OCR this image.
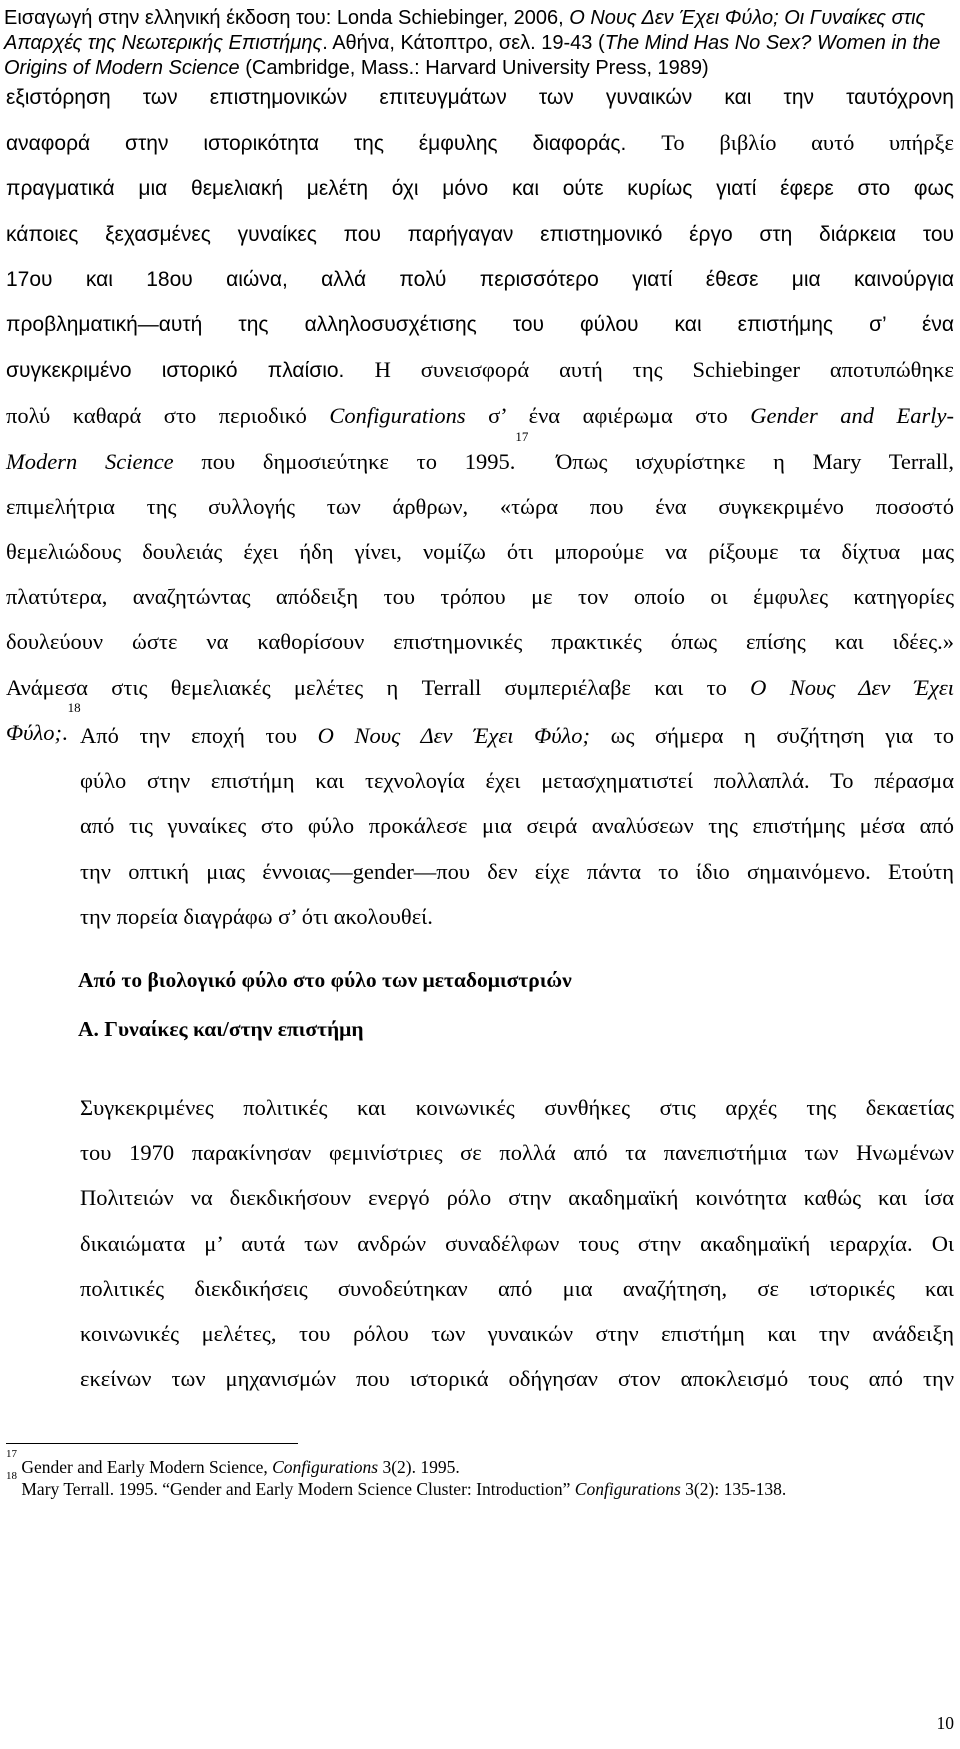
Εισαγωγή στην ελληνική έκδοση του: Londa Schiebinger, 2006, Ο Νους Δεν Έχει Φύλο; Οι Γυναίκες στις Απαρχές της Νεωτερικής Επιστήμης. Αθήνα, Κάτοπτρο, σελ. 19-43 (The Mind Has No Sex? Women in the Origins of Modern Science (Cambridge, Mass.: Harvard University Press, 1989)
εξιστόρηση των επιστημονικών επιτευγμάτων των γυναικών και την ταυτόχρονη
αναφορά στην ιστορικότητα της έμφυλης διαφοράς. Το βιβλίο αυτό υπήρξε
πραγματικά μια θεμελιακή μελέτη όχι μόνο και ούτε κυρίως γιατί έφερε στο φως
κάποιες ξεχασμένες γυναίκες που παρήγαγαν επιστημονικό έργο στη διάρκεια του
17ου και 18ου αιώνα, αλλά πολύ περισσότερο γιατί έθεσε μια καινούργια
προβληματική—αυτή της αλληλοσυσχέτισης του φύλου και επιστήμης σ’ ένα
συγκεκριμένο ιστορικό πλαίσιο. Η συνεισφορά αυτή της Schiebinger αποτυπώθηκε
πολύ καθαρά στο περιοδικό Configurations σ’ ένα αφιέρωμα στο Gender and Early-
Modern Science που δημοσιεύτηκε το 1995.17 Όπως ισχυρίστηκε η Mary Terrall,
επιμελήτρια της συλλογής των άρθρων, «τώρα που ένα συγκεκριμένο ποσοστό
θεμελιώδους δουλειάς έχει ήδη γίνει, νομίζω ότι μπορούμε να ρίξουμε τα δίχτυα μας
πλατύτερα, αναζητώντας απόδειξη του τρόπου με τον οποίο οι έμφυλες κατηγορίες
δουλεύουν ώστε να καθορίσουν επιστημονικές πρακτικές όπως επίσης και ιδέες.»
Ανάμεσα στις θεμελιακές μελέτες η Terrall συμπεριέλαβε και το Ο Νους Δεν Έχει
Φύλο;.$^{18}$
Από την εποχή του Ο Νους Δεν Έχει Φύλο; ως σήμερα η συζήτηση για το
φύλο στην επιστήμη και τεχνολογία έχει μετασχηματιστεί πολλαπλά. Το πέρασμα
από τις γυναίκες στο φύλο προκάλεσε μια σειρά αναλύσεων της επιστήμης μέσα από
την οπτική μιας έννοιας—gender—που δεν είχε πάντα το ίδιο σημαινόμενο. Ετούτη
την πορεία διαγράφω σ’ ότι ακολουθεί.
Από το βιολογικό φύλο στο φύλο των μεταδομιστριών
Α. Γυναίκες και/στην επιστήμη
Συγκεκριμένες πολιτικές και κοινωνικές συνθήκες στις αρχές της δεκαετίας
του 1970 παρακίνησαν φεμινίστριες σε πολλά από τα πανεπιστήμια των Ηνωμένων
Πολιτειών να διεκδικήσουν ενεργό ρόλο στην ακαδημαϊκή κοινότητα καθώς και ίσα
δικαιώματα μ’ αυτά των ανδρών συναδέλφων τους στην ακαδημαϊκή ιεραρχία. Οι
πολιτικές διεκδικήσεις συνοδεύτηκαν από μια αναζήτηση, σε ιστορικές και
κοινωνικές μελέτες, του ρόλου των γυναικών στην επιστήμη και την ανάδειξη
εκείνων των μηχανισμών που ιστορικά οδήγησαν στον αποκλεισμό τους από την
$^{17}$ Gender and Early Modern Science, Configurations 3(2). 1995.
$^{18}$ Mary Terrall. 1995. “Gender and Early Modern Science Cluster: Introduction” Configurations 3(2): 135-138.
10
